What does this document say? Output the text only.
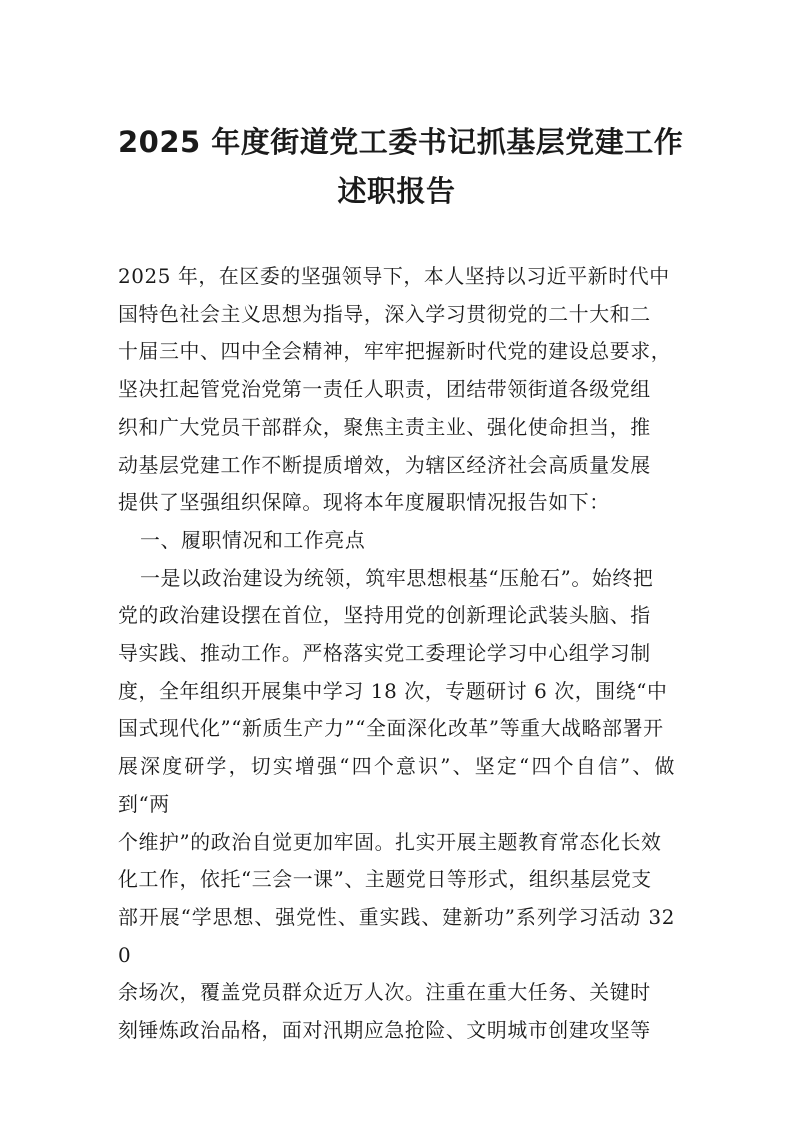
2025 年度街道党工委书记抓基层党建工作
述职报告
2025 年，在区委的坚强领导下，本人坚持以习近平新时代中
国特色社会主义思想为指导，深入学习贯彻党的二十大和二
十届三中、四中全会精神，牢牢把握新时代党的建设总要求，
坚决扛起管党治党第一责任人职责，团结带领街道各级党组
织和广大党员干部群众，聚焦主责主业、强化使命担当，推
动基层党建工作不断提质增效，为辖区经济社会高质量发展
提供了坚强组织保障。现将本年度履职情况报告如下：
一、履职情况和工作亮点
一是以政治建设为统领，筑牢思想根基“压舱石”。始终把
党的政治建设摆在首位，坚持用党的创新理论武装头脑、指
导实践、推动工作。严格落实党工委理论学习中心组学习制
度，全年组织开展集中学习 18 次，专题研讨 6 次，围绕“中
国式现代化”“新质生产力”“全面深化改革”等重大战略部署开
展深度研学，切实增强“四个意识”、坚定“四个自信”、做到“两
个维护”的政治自觉更加牢固。扎实开展主题教育常态化长效
化工作，依托“三会一课”、主题党日等形式，组织基层党支
部开展“学思想、强党性、重实践、建新功”系列学习活动 320
余场次，覆盖党员群众近万人次。注重在重大任务、关键时
刻锤炼政治品格，面对汛期应急抢险、文明城市创建攻坚等
